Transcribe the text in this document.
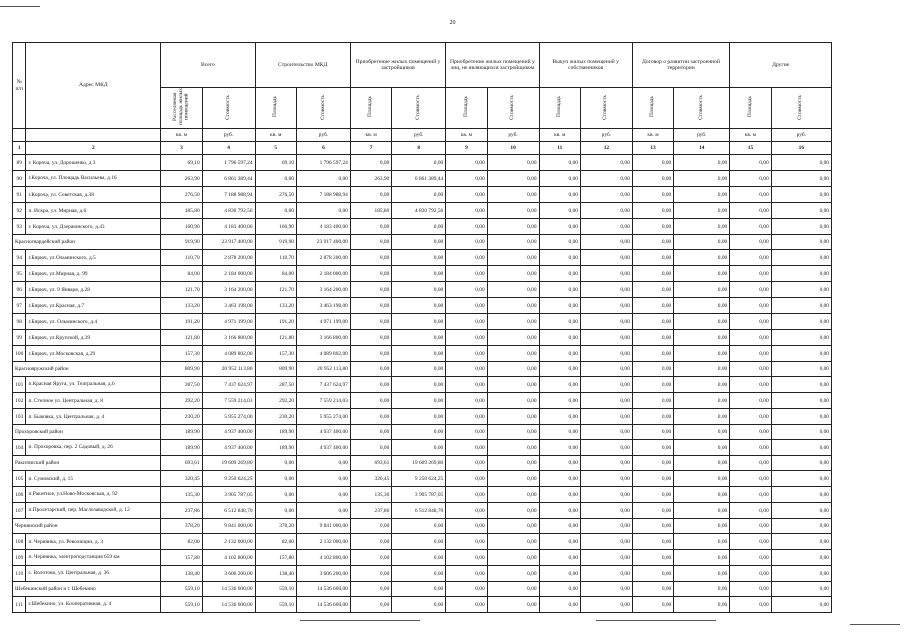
20
№ п/п	Адрес МКД	Всего		Строительство МКД		Приобретение жилых помещений у застройщиков		Приобретение жилых помещений у лиц, не являющихся застройщиком		Выкуп жилых помещений у собственников		Договор о развитии застроенной территории		Другие	
		Расселяемая площадь жилых помещений	Стоимость	Площадь	Стоимость	Площадь	Стоимость	Площадь	Стоимость	Площадь	Стоимость	Площадь	Стоимость	Площадь	Стоимость
		кв. м	руб.	кв. м	руб.	кв. м	руб.	кв. м	руб.	кв. м	руб.	кв. м	руб.	кв. м	руб.
1	2	3	4	5	6	7	8	9	10	11	12	13	14	15	16
89	г. Короча, ул. Дорошенко, д.3	69,10	1 796 597,24	69,10	1 796 597,24	0,00	0,00	0,00	0,00	0,00	0,00	0,00	0,00	0,00	0,00
90	г.Короча, ул. Площадь Васильева, д.16	263,90	6 861 389,44	0,00	0,00	263,90	6 861 389,44	0,00	0,00	0,00	0,00	0,00	0,00	0,00	0,00
91	г.Короча, ул. Советская, д.38	276,50	7 188 988,94	276,50	7 188 988,94	0,00	0,00	0,00	0,00	0,00	0,00	0,00	0,00	0,00	0,00
92	п. Искра, ул. Мирная, д.6	185,80	4 830 792,56	0,00	0,00	185,80	4 830 792,56	0,00	0,00	0,00	0,00	0,00	0,00	0,00	0,00
93	г. Короча, ул. Дзержинского, д.43	160,90	4 183 400,00	160,90	4 183 400,00	0,00	0,00	0,00	0,00	0,00	0,00	0,00	0,00	0,00	0,00
Красногвардейский район		919,90	23 917 400,00	919,90	23 917 400,00	0,00	0,00	0,00	0,00	0,00	0,00	0,00	0,00	0,00	0,00
94	г.Бирюч, ул.Ольминского, д.5	110,70	2 878 200,00	110,70	2 878 200,00	0,00	0,00	0,00	0,00	0,00	0,00	0,00	0,00	0,00	0,00
95	г.Бирюч, ул.Мирная, д. 99	84,00	2 184 000,00	84,00	2 184 000,00	0,00	0,00	0,00	0,00	0,00	0,00	0,00	0,00	0,00	0,00
96	г.Бирюч, ул. 9 Января, д.28	121,70	3 164 200,00	121,70	3 164 200,00	0,00	0,00	0,00	0,00	0,00	0,00	0,00	0,00	0,00	0,00
97	г.Бирюч, ул.Красная, д.7	133,20	3 463 198,00	133,20	3 463 198,00	0,00	0,00	0,00	0,00	0,00	0,00	0,00	0,00	0,00	0,00
98	г.Бирюч, ул. Ольминского, д.4	191,20	4 971 199,00	191,20	4 971 199,00	0,00	0,00	0,00	0,00	0,00	0,00	0,00	0,00	0,00	0,00
99	г.Бирюч, ул.Крупской, д.39	121,80	3 166 800,00	121,80	3 166 800,00	0,00	0,00	0,00	0,00	0,00	0,00	0,00	0,00	0,00	0,00
100	г.Бирюч, ул.Московская, д.29	157,30	4 089 802,00	157,30	4 089 802,00	0,00	0,00	0,00	0,00	0,00	0,00	0,00	0,00	0,00	0,00
Краснояружский район		809,90	20 952 113,80	809,90	20 952 113,80	0,00	0,00	0,00	0,00	0,00	0,00	0,00	0,00	0,00	0,00
101	п.Красная Яруга, ул. Театральная, д.6	287,50	7 437 624,97	287,50	7 437 624,97	0,00	0,00	0,00	0,00	0,00	0,00	0,00	0,00	0,00	0,00
102	п. Степное ул. Центральная, д. 8	292,20	7 559 214,03	292,20	7 559 214,03	0,00	0,00	0,00	0,00	0,00	0,00	0,00	0,00	0,00	0,00
103	п. Быковка, ул. Центральная, д. 4	230,20	5 955 274,00	230,20	5 955 274,00	0,00	0,00	0,00	0,00	0,00	0,00	0,00	0,00	0,00	0,00
Прохоровский район		189,90	4 937 400,00	189,90	4 937 400,00	0,00	0,00	0,00	0,00	0,00	0,00	0,00	0,00	0,00	0,00
104	п. Прохоровка, пер. 2 Садовый, д. 26	189,90	4 937 400,00	189,90	4 937 400,00	0,00	0,00	0,00	0,00	0,00	0,00	0,00	0,00	0,00	0,00
Ракитянский район		693,61	19 609 269,80	0,00	0,00	693,61	19 609 269,80	0,00	0,00	0,00	0,00	0,00	0,00	0,00	0,00
105	п. Сумовский, д. 15	320,45	9 250 624,25	0,00	0,00	320,45	9 250 624,25	0,00	0,00	0,00	0,00	0,00	0,00	0,00	0,00
106	п.Ракитное, ул.Ново-Московская, д. 92	135,30	3 905 787,05	0,00	0,00	135,30	3 905 787,05	0,00	0,00	0,00	0,00	0,00	0,00	0,00	0,00
107	п.Пролетарский, пер. Маслозаводской, д. 12	237,86	6 512 848,70	0,00	0,00	237,86	6 512 848,70	0,00	0,00	0,00	0,00	0,00	0,00	0,00	0,00
Чернянский район		378,20	9 841 000,00	378,20	9 841 000,00	0,00	0,00	0,00	0,00	0,00	0,00	0,00	0,00	0,00	0,00
108	п. Чернянка, ул. Революции, д. 3	82,00	2 132 000,00	82,00	2 132 000,00	0,00	0,00	0,00	0,00	0,00	0,00	0,00	0,00	0,00	0,00
109	п. Чернянка, электроподстанция 659 км	157,80	4 102 800,00	157,80	4 102 800,00	0,00	0,00	0,00	0,00	0,00	0,00	0,00	0,00	0,00	0,00
110	с. Волотово, ул. Центральная, д. 36	138,40	3 606 200,00	138,40	3 606 200,00	0,00	0,00	0,00	0,00	0,00	0,00	0,00	0,00	0,00	0,00
Шебекинский район и г. Шебекино		559,10	14 536 600,00	559,10	14 536 600,00	0,00	0,00	0,00	0,00	0,00	0,00	0,00	0,00	0,00	0,00
111	г.Шебекино, ул. Кооперативная, д. 4	559,10	14 536 600,00	559,10	14 536 600,00	0,00	0,00	0,00	0,00	0,00	0,00	0,00	0,00	0,00	0,00
